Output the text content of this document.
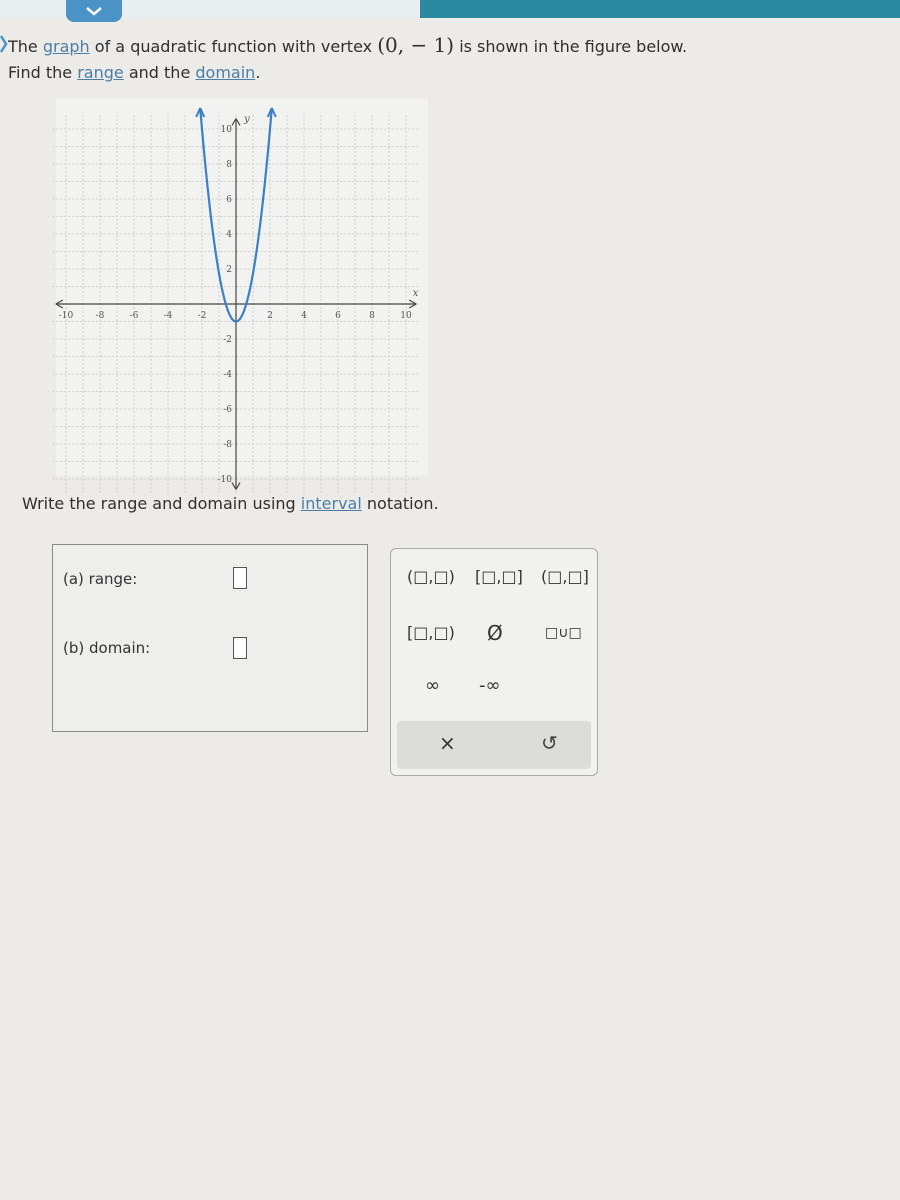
The graph of a quadratic function with vertex (0, − 1) is shown in the figure below.
Find the range and the domain.
-10 -8	-6	-4	-2	2	4	6	8	10
10
8
6
4
2
-2
-4
-6
-8
-10
x
y
Write the range and domain using interval notation.
(a) range:
(b) domain:
(□,□) [□,□] (□,□]
[□,□) Ø	□∪□
∞ -∞
×	↺
